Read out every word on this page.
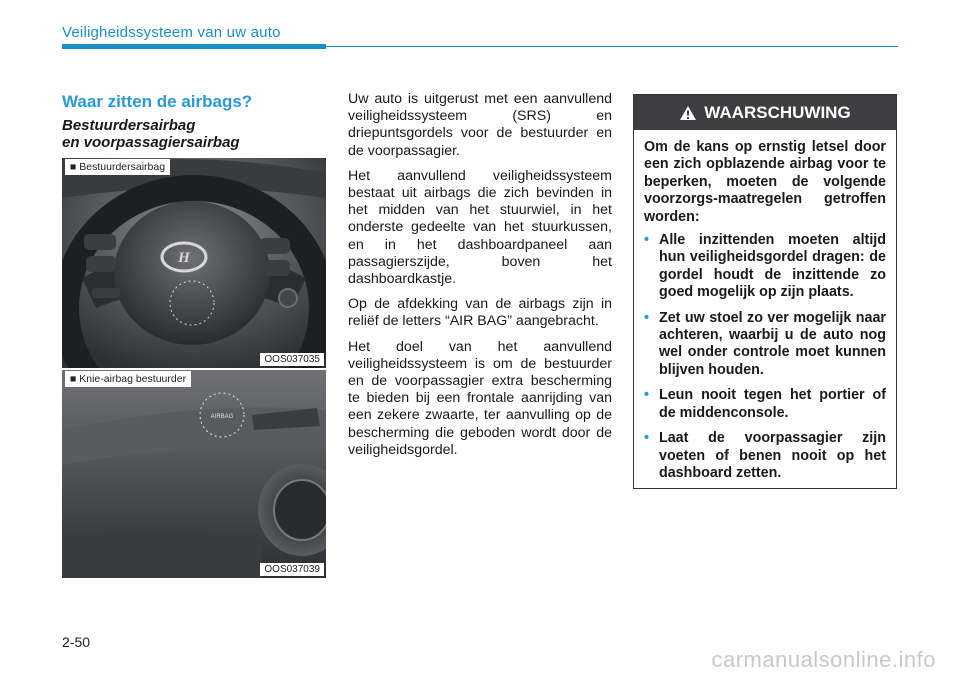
Veiligheidssysteem van uw auto
Waar zitten de airbags?
Bestuurdersairbag
en voorpassagiersairbag
H
■ Bestuurdersairbag
OOS037035
AIRBAG
■ Knie-airbag bestuurder
OOS037039

Uw auto is uitgerust met een aanvullend veiligheidssysteem (SRS) en driepuntsgordels voor de bestuurder en de voorpassagier.

Het aanvullend veiligheidssysteem bestaat uit airbags die zich bevinden in het midden van het stuurwiel, in het onderste gedeelte van het stuurkussen, en in het dashboardpaneel aan passagierszijde, boven het dashboardkastje.

Op de afdekking van de airbags zijn in reliëf de letters “AIR BAG” aangebracht.

Het doel van het aanvullend veiligheidssysteem is om de bestuurder en de voorpassagier extra bescherming te bieden bij een frontale aanrijding van een zekere zwaarte, ter aanvulling op de bescherming die geboden wordt door de veiligheidsgordel.

WAARSCHUWING

Om de kans op ernstig letsel door een zich opblazende airbag voor te beperken, moeten de volgende voorzorgs-maatregelen getroffen worden:

• Alle inzittenden moeten altijd hun veiligheidsgordel dragen: de gordel houdt de inzittende zo goed mogelijk op zijn plaats.
• Zet uw stoel zo ver mogelijk naar achteren, waarbij u de auto nog wel onder controle moet kunnen blijven houden.
• Leun nooit tegen het portier of de middenconsole.
• Laat de voorpassagier zijn voeten of benen nooit op het dashboard zetten.
2-50
carmanualsonline.info
